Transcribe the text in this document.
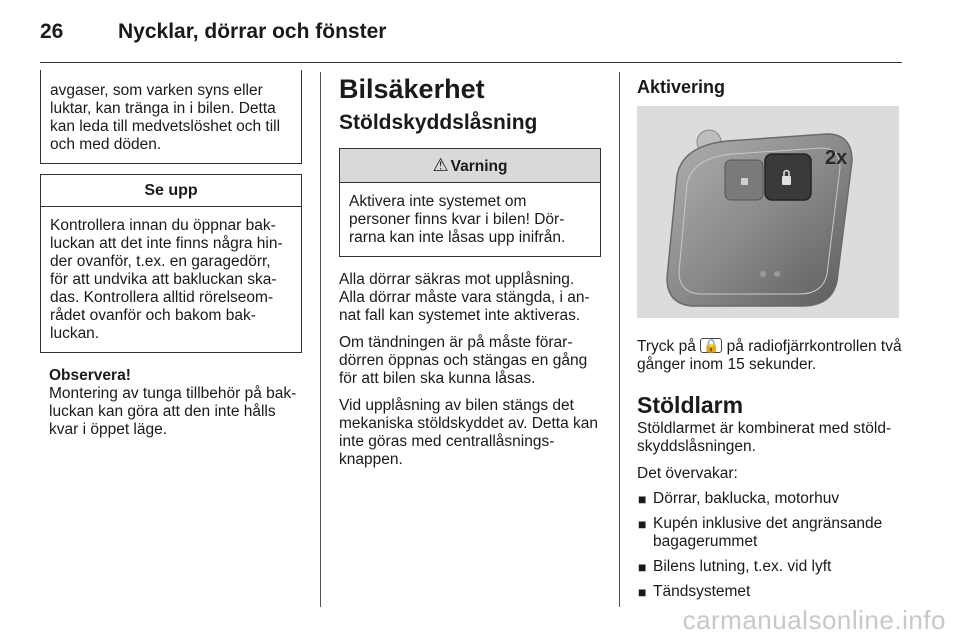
26	Nycklar, dörrar och fönster

avgaser, som varken syns eller luktar, kan tränga in i bilen. Detta kan leda till medvetslöshet och till och med döden.

Se upp

Kontrollera innan du öppnar bak-luckan att det inte finns några hin-der ovanför, t.ex. en garagedörr, för att undvika att bakluckan ska-das. Kontrollera alltid rörelseom-rådet ovanför och bakom bak-luckan.

Observera!
Montering av tunga tillbehör på bak-luckan kan göra att den inte hålls kvar i öppet läge.
Bilsäkerhet
Stöldskyddslåsning
⚠ Varning

Aktivera inte systemet om personer finns kvar i bilen! Dör-rarna kan inte låsas upp inifrån.

Alla dörrar säkras mot upplåsning. Alla dörrar måste vara stängda, i an-nat fall kan systemet inte aktiveras.

Om tändningen är på måste förar-dörren öppnas och stängas en gång för att bilen ska kunna låsas.

Vid upplåsning av bilen stängs det mekaniska stöldskyddet av. Detta kan inte göras med centrallåsnings-knappen.

Aktivering
2x

Tryck på 🔒 på radiofjärrkontrollen två gånger inom 15 sekunder.

Stöldlarm

Stöldlarmet är kombinerat med stöld-skyddslåsningen.

Det övervakar:

■ Dörrar, baklucka, motorhuv
■ Kupén inklusive det angränsande bagagerummet
■ Bilens lutning, t.ex. vid lyft
■ Tändsystemet
carmanualsonline.info
